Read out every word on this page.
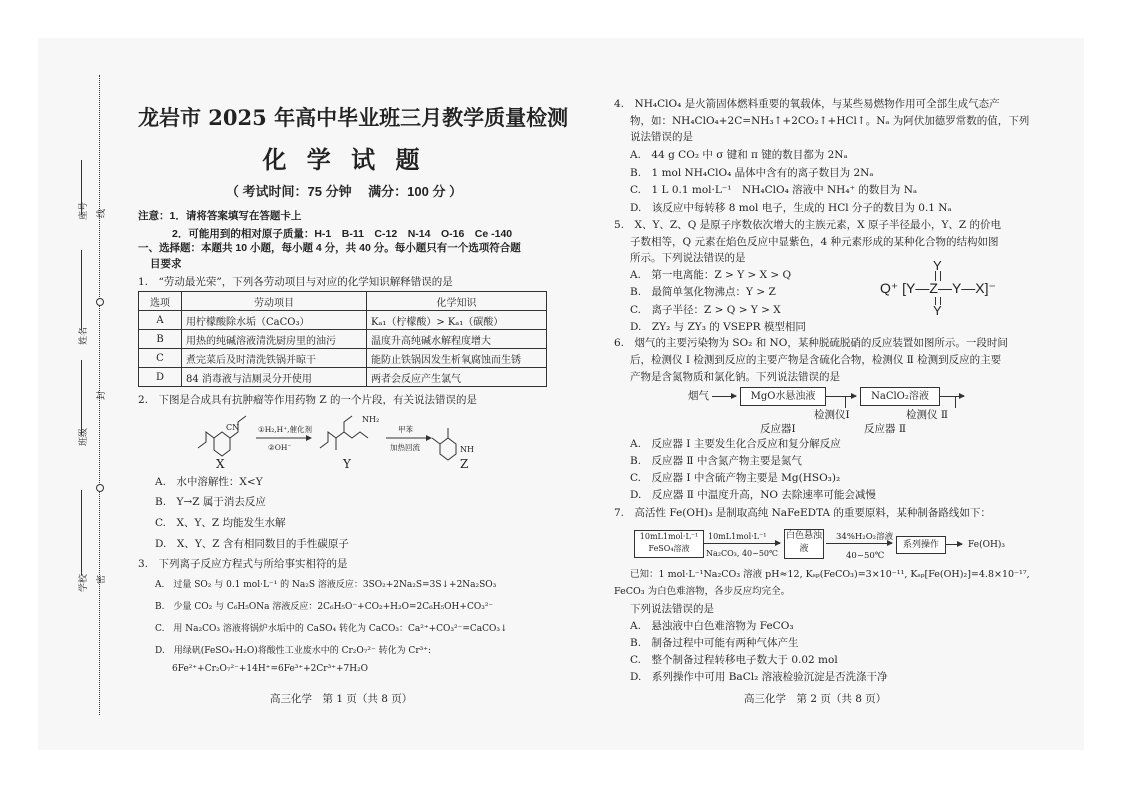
座号 线
姓名
封
班级
学校 密
龙岩市 2025 年高中毕业班三月教学质量检测
化 学 试 题
（ 考试时间：75 分钟　 满分：100 分 ）
注意：1．请将答案填写在答题卡上
2．可能用到的相对原子质量：H-1　B-11　C-12　N-14　O-16　Ce -140
一、选择题：本题共 10 小题，每小题 4 分，共 40 分。每小题只有一个选项符合题
目要求
1.　“劳动最光荣”，下列各劳动项目与对应的化学知识解释错误的是
选项	劳动项目	化学知识
A	用柠檬酸除水垢（CaCO₃）	Kₐ₁（柠檬酸）> Kₐ₁（碳酸）
B	用热的纯碱溶液清洗厨房里的油污	温度升高纯碱水解程度增大
C	煮完菜后及时清洗铁锅并晾干	能防止铁锅因发生析氧腐蚀而生锈
D	84 消毒液与洁厕灵分开使用	两者会反应产生氯气
2.　下图是合成具有抗肿瘤等作用药物 Z 的一个片段，有关说法错误的是
CN	①H₂,H⁺,催化剂
②OH⁻
NH₂
甲苯
加热回流	NH
X	Y	Z
A.　水中溶解性：X<Y
B.　Y→Z 属于消去反应
C.　X、Y、Z 均能发生水解
D.　X、Y、Z 含有相同数目的手性碳原子
3.　下列离子反应方程式与所给事实相符的是
A.　过量 SO₂ 与 0.1 mol·L⁻¹ 的 Na₂S 溶液反应：3SO₂+2Na₂S=3S↓+2Na₂SO₃
B.　少量 CO₂ 与 C₆H₅ONa 溶液反应：2C₆H₅O⁻+CO₂+H₂O=2C₆H₅OH+CO₃²⁻
C.　用 Na₂CO₃ 溶液将锅炉水垢中的 CaSO₄ 转化为 CaCO₃：Ca²⁺+CO₃²⁻=CaCO₃↓
D.　用绿矾(FeSO₄·H₂O)将酸性工业废水中的 Cr₂O₇²⁻ 转化为 Cr³⁺:
6Fe²⁺+Cr₂O₇²⁻+14H⁺=6Fe³⁺+2Cr³⁺+7H₂O
高三化学　第 1 页（共 8 页）
4.　NH₄ClO₄ 是火箭固体燃料重要的氧载体，与某些易燃物作用可全部生成气态产
物，如：NH₄ClO₄+2C=NH₃↑+2CO₂↑+HCl↑。Nₐ 为阿伏加德罗常数的值，下列
说法错误的是
A.　44 g CO₂ 中 σ 键和 π 键的数目都为 2Nₐ
B.　1 mol NH₄ClO₄ 晶体中含有的离子数目为 2Nₐ
C.　1 L 0.1 mol·L⁻¹　NH₄ClO₄ 溶液中 NH₄⁺ 的数目为 Nₐ
D.　该反应中每转移 8 mol 电子，生成的 HCl 分子的数目为 0.1 Nₐ
5.　X、Y、Z、Q 是原子序数依次增大的主族元素，X 原子半径最小，Y、Z 的价电
子数相等，Q 元素在焰色反应中显紫色，4 种元素形成的某种化合物的结构如图
所示。下列说法错误的是
A.　第一电离能：Z > Y > X > Q
B.　最简单氢化物沸点：Y > Z
C.　离子半径：Z > Q > Y > X
D.　ZY₂ 与 ZY₃ 的 VSEPR 模型相同
Q⁺ [Y—Z—Y—X]⁻
Y
Y
6.　烟气的主要污染物为 SO₂ 和 NO，某种脱硫脱硝的反应装置如图所示。一段时间
后，检测仪 Ⅰ 检测到反应的主要产物是含硫化合物，检测仪 Ⅱ 检测到反应的主要
产物是含氮物质和氯化钠。下列说法错误的是
烟气	MgO水悬浊液	NaClO₂溶液
检测仪Ⅰ	检测仪 Ⅱ
反应器Ⅰ	反应器 Ⅱ
A.　反应器 Ⅰ 主要发生化合反应和复分解反应
B.　反应器 Ⅱ 中含氮产物主要是氮气
C.　反应器 Ⅰ 中含硫产物主要是 Mg(HSO₃)₂
D.　反应器 Ⅱ 中温度升高，NO 去除速率可能会减慢
7.　高活性 Fe(OH)₃ 是制取高纯 NaFeEDTA 的重要原料，某种制备路线如下：
10mL1mol·L⁻¹
FeSO₄溶液
10mL1mol·L⁻¹
Na₂CO₃, 40~50℃
白色悬浊液
34%H₂O₂溶液
40~50℃
系列操作	Fe(OH)₃
已知：1 mol·L⁻¹Na₂CO₃ 溶液 pH≈12, Kₛₚ(FeCO₃)=3×10⁻¹¹, Kₛₚ[Fe(OH)₂]=4.8×10⁻¹⁷,
FeCO₃ 为白色难溶物，各步反应均完全。
下列说法错误的是
A.　悬浊液中白色难溶物为 FeCO₃
B.　制备过程中可能有两种气体产生
C.　整个制备过程转移电子数大于 0.02 mol
D.　系列操作中可用 BaCl₂ 溶液检验沉淀是否洗涤干净
高三化学　第 2 页（共 8 页）
